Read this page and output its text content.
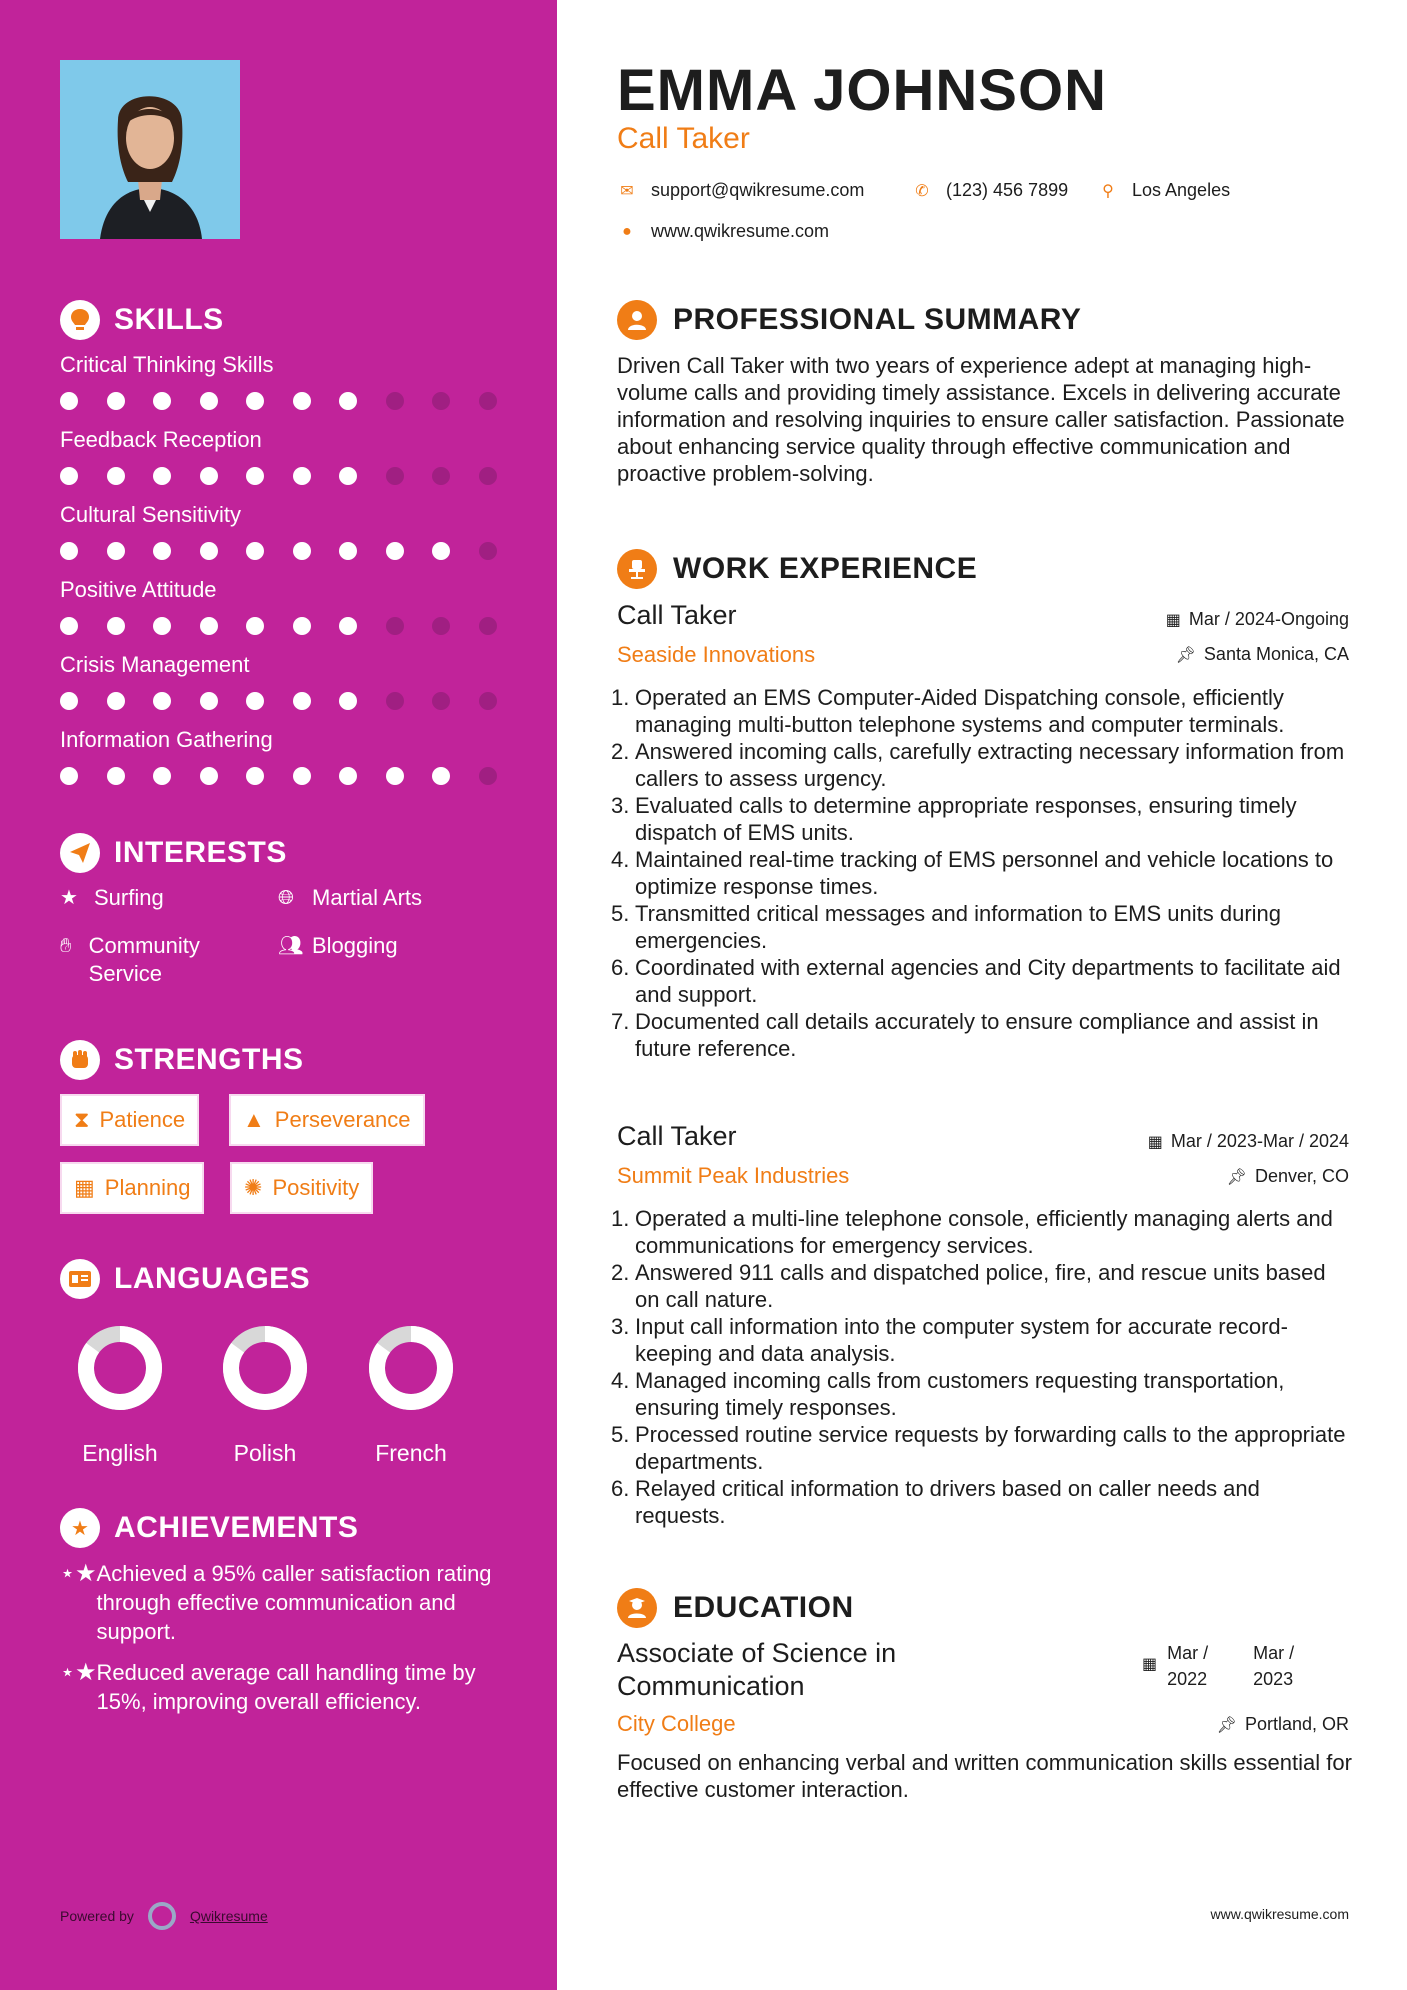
SKILLS
Critical Thinking Skills
Feedback Reception
Cultural Sensitivity
Positive Attitude
Crisis Management
Information Gathering
INTERESTS
★ Surfing	🌐︎ Martial Arts
✋︎ Community Service
👥︎ Blogging
STRENGTHS
⧗ Patience	▲ Perseverance
▦ Planning ✺ Positivity
LANGUAGES
English	Polish	French
★ ACHIEVEMENTS
⋆★ Achieved a 95% caller satisfaction rating through effective communication and support.
⋆★ Reduced average call handling time by 15%, improving overall efficiency.
Powered by	Qwikresume
EMMA JOHNSON
Call Taker
✉ support@qwikresume.com	✆ (123) 456 7899 ⚲ Los Angeles
● www.qwikresume.com
PROFESSIONAL SUMMARY
Driven Call Taker with two years of experience adept at managing high-volume calls and providing timely assistance. Excels in delivering accurate information and resolving inquiries to ensure caller satisfaction. Passionate about enhancing service quality through effective communication and proactive problem-solving.
WORK EXPERIENCE
Call Taker	▦ Mar / 2024-Ongoing
Seaside Innovations	📌︎ Santa Monica, CA
1. Operated an EMS Computer-Aided Dispatching console, efficiently managing multi-button telephone systems and computer terminals.
2. Answered incoming calls, carefully extracting necessary information from callers to assess urgency.
3. Evaluated calls to determine appropriate responses, ensuring timely dispatch of EMS units.
4. Maintained real-time tracking of EMS personnel and vehicle locations to optimize response times.
5. Transmitted critical messages and information to EMS units during emergencies.
6. Coordinated with external agencies and City departments to facilitate aid and support.
7. Documented call details accurately to ensure compliance and assist in future reference.
Call Taker	▦ Mar / 2023-Mar / 2024
Summit Peak Industries	📌︎ Denver, CO
1. Operated a multi-line telephone console, efficiently managing alerts and communications for emergency services.
2. Answered 911 calls and dispatched police, fire, and rescue units based on call nature.
3. Input call information into the computer system for accurate record-keeping and data analysis.
4. Managed incoming calls from customers requesting transportation, ensuring timely responses.
5. Processed routine service requests by forwarding calls to the appropriate departments.
6. Relayed critical information to drivers based on caller needs and requests.
EDUCATION
Associate of Science in Communication
▦
Mar / 2022
Mar / 2023
City College	📌︎ Portland, OR
Focused on enhancing verbal and written communication skills essential for effective customer interaction.
www.qwikresume.com
